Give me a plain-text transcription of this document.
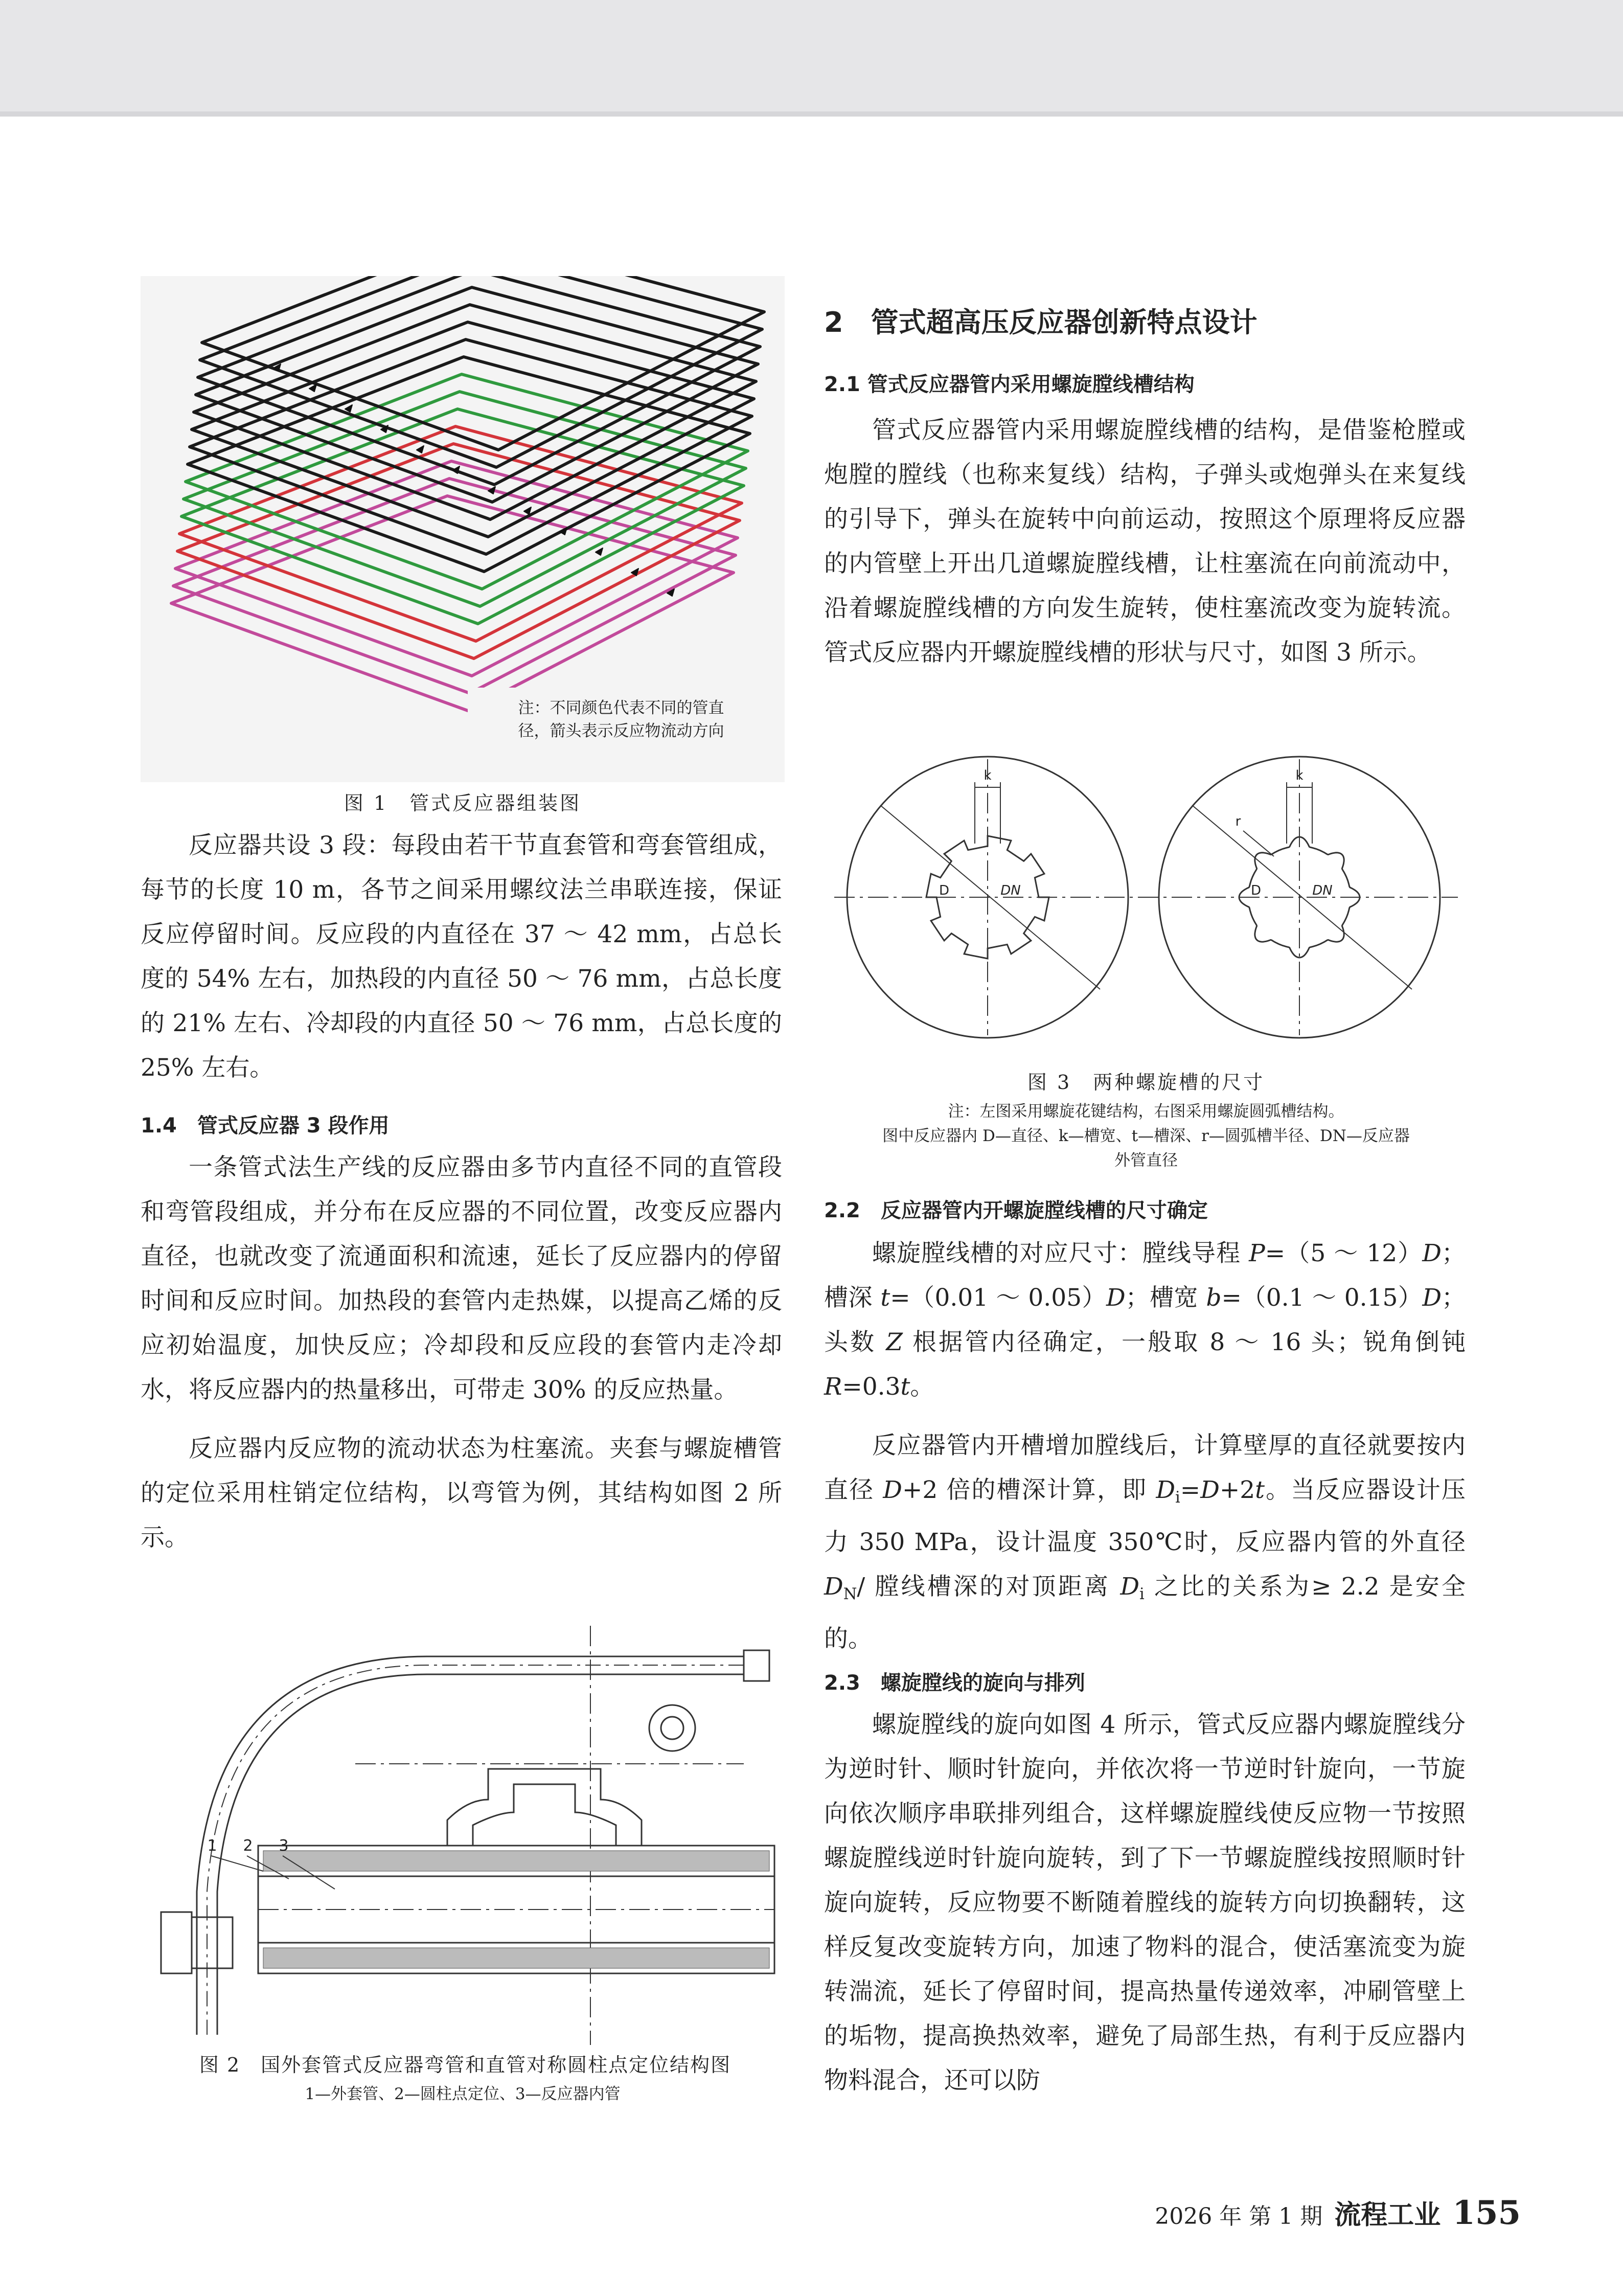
注：不同颜色代表不同的管直
径，箭头表示反应物流动方向
图 1　管式反应器组装图

反应器共设 3 段：每段由若干节直套管和弯套管组成，每节的长度 10 m，各节之间采用螺纹法兰串联连接，保证反应停留时间。反应段的内直径在 37 ～ 42 mm，占总长度的 54% 左右，加热段的内直径 50 ～ 76 mm，占总长度的 21% 左右、冷却段的内直径 50 ～ 76 mm，占总长度的 25% 左右。

1.4　管式反应器 3 段作用

一条管式法生产线的反应器由多节内直径不同的直管段和弯管段组成，并分布在反应器的不同位置，改变反应器内直径，也就改变了流通面积和流速，延长了反应器内的停留时间和反应时间。加热段的套管内走热媒，以提高乙烯的反应初始温度，加快反应；冷却段和反应段的套管内走冷却水，将反应器内的热量移出，可带走 30% 的反应热量。

反应器内反应物的流动状态为柱塞流。夹套与螺旋槽管的定位采用柱销定位结构，以弯管为例，其结构如图 2 所示。

1 2 3
图 2　国外套管式反应器弯管和直管对称圆柱点定位结构图
1—外套管、2—圆柱点定位、3—反应器内管
2　管式超高压反应器创新特点设计
2.1 管式反应器管内采用螺旋膛线槽结构

管式反应器管内采用螺旋膛线槽的结构，是借鉴枪膛或炮膛的膛线（也称来复线）结构，子弹头或炮弹头在来复线的引导下，弹头在旋转中向前运动，按照这个原理将反应器的内管壁上开出几道螺旋膛线槽，让柱塞流在向前流动中，沿着螺旋膛线槽的方向发生旋转，使柱塞流改变为旋转流。管式反应器内开螺旋膛线槽的形状与尺寸，如图 3 所示。

k
D	DN
k
r
D	DN
图 3　两种螺旋槽的尺寸
注：左图采用螺旋花键结构，右图采用螺旋圆弧槽结构。
图中反应器内 D—直径、k—槽宽、t—槽深、r—圆弧槽半径、DN—反应器
外管直径
2.2　反应器管内开螺旋膛线槽的尺寸确定

螺旋膛线槽的对应尺寸：膛线导程 P=（5 ～ 12）D；槽深 t=（0.01 ～ 0.05）D；槽宽 b=（0.1 ～ 0.15）D；头数 Z 根据管内径确定，一般取 8 ～ 16 头；锐角倒钝 R=0.3t。

反应器管内开槽增加膛线后，计算壁厚的直径就要按内直径 D+2 倍的槽深计算，即 $D_i=D+2t$。当反应器设计压力 350 MPa，设计温度 350℃时，反应器内管的外直径 $D_N/$ 膛线槽深的对顶距离 $D_i$ 之比的关系为≥ 2.2 是安全的。

2.3　螺旋膛线的旋向与排列

螺旋膛线的旋向如图 4 所示，管式反应器内螺旋膛线分为逆时针、顺时针旋向，并依次将一节逆时针旋向，一节旋向依次顺序串联排列组合，这样螺旋膛线使反应物一节按照螺旋膛线逆时针旋向旋转，到了下一节螺旋膛线按照顺时针旋向旋转，反应物要不断随着膛线的旋转方向切换翻转，这样反复改变旋转方向，加速了物料的混合，使活塞流变为旋转湍流，延长了停留时间，提高热量传递效率，冲刷管壁上的垢物，提高换热效率，避免了局部生热，有利于反应器内物料混合，还可以防

2026 年 第 1 期 流程工业 155
